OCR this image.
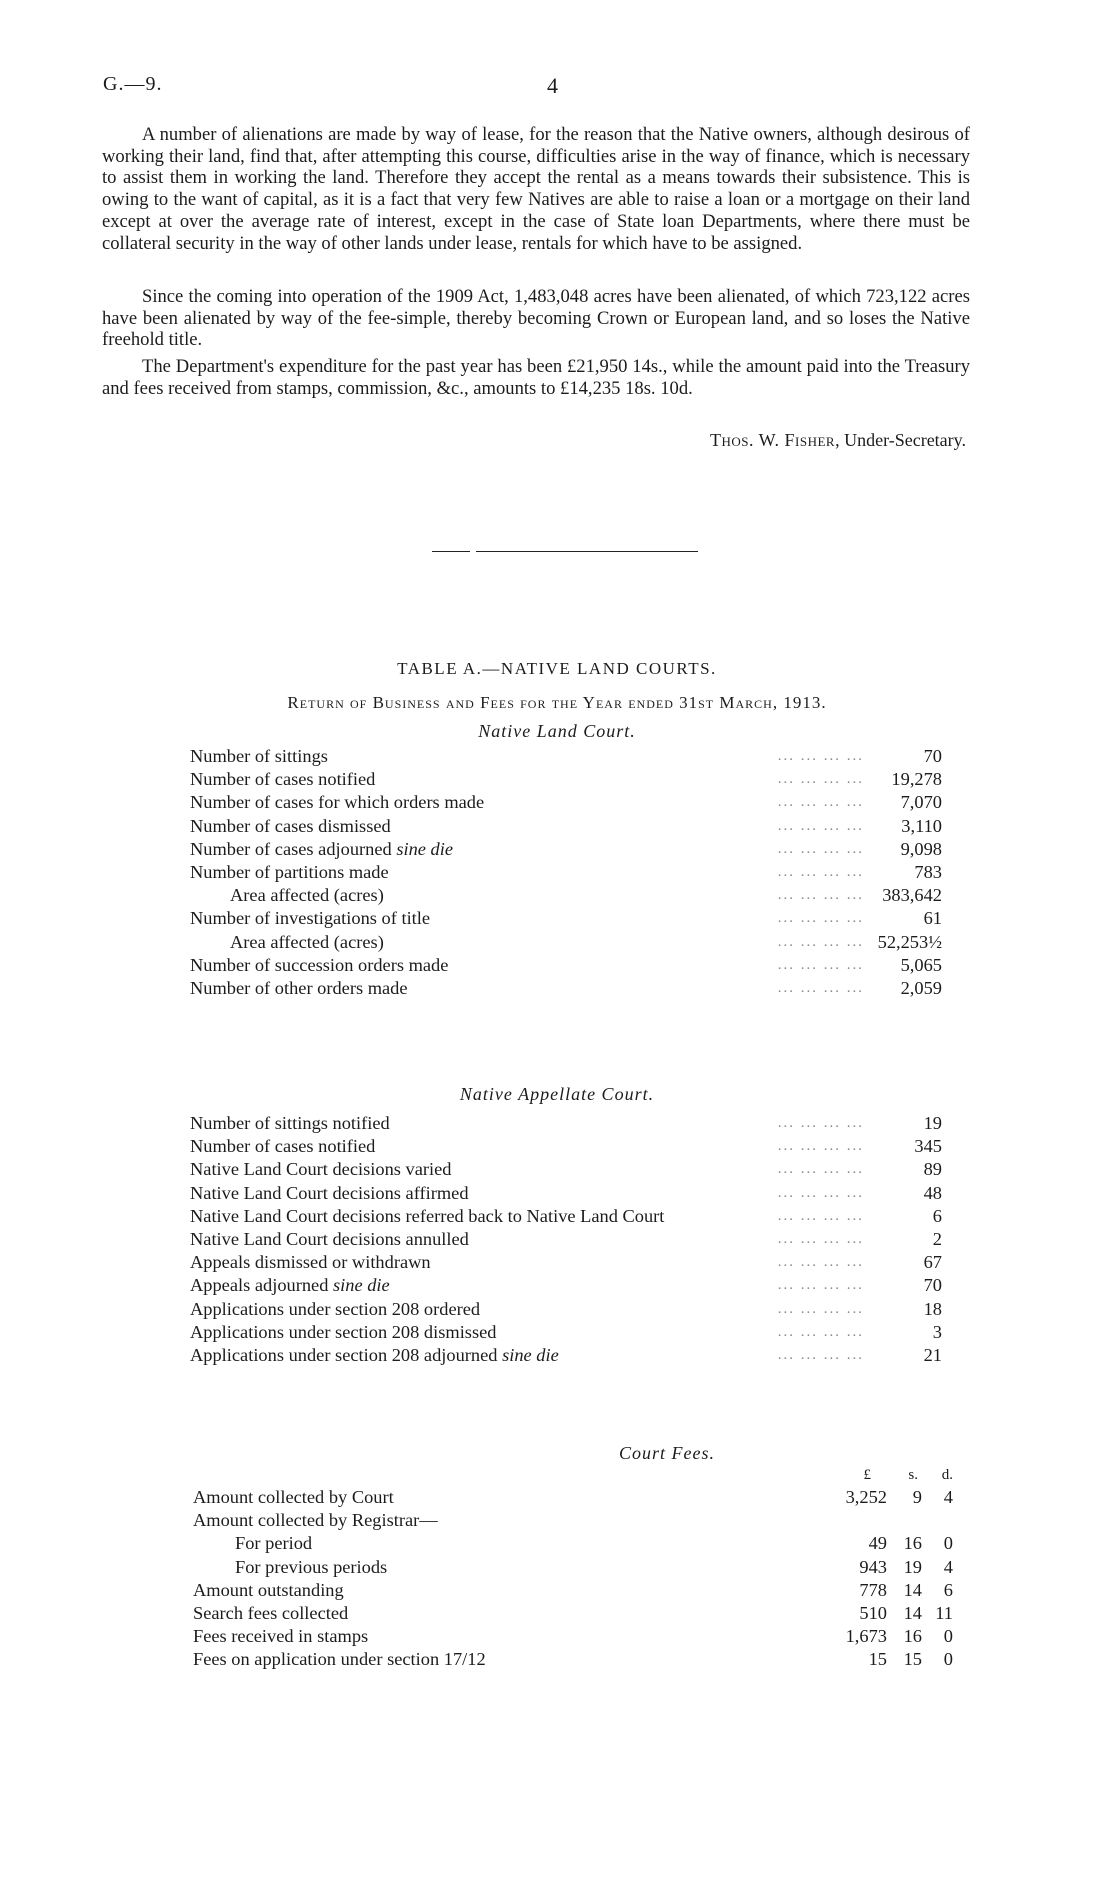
G.—9.	4

A number of alienations are made by way of lease, for the reason that the Native owners, although desirous of working their land, find that, after attempting this course, difficulties arise in the way of finance, which is necessary to assist them in working the land. Therefore they accept the rental as a means towards their subsistence. This is owing to the want of capital, as it is a fact that very few Natives are able to raise a loan or a mortgage on their land except at over the average rate of interest, except in the case of State loan Departments, where there must be collateral security in the way of other lands under lease, rentals for which have to be assigned.

Since the coming into operation of the 1909 Act, 1,483,048 acres have been alienated, of which 723,122 acres have been alienated by way of the fee-simple, thereby becoming Crown or European land, and so loses the Native freehold title.

The Department's expenditure for the past year has been £21,950 14s., while the amount paid into the Treasury and fees received from stamps, commission, &c., amounts to £14,235 18s. 10d.

Thos. W. Fisher, Under-Secretary.
TABLE A.—NATIVE LAND COURTS.
Return of Business and Fees for the Year ended 31st March, 1913.
Native Land Court.
Number of sittings	... ... ... ...	70
Number of cases notified	... ... ... ... 19,278
Number of cases for which orders made	... ... ... ... 7,070
Number of cases dismissed	... ... ... ... 3,110
Number of cases adjourned sine die	... ... ... ... 9,098
Number of partitions made	... ... ... ...	783
Area affected (acres)	... ... ... ... 383,642
Number of investigations of title	... ... ... ...	61
Area affected (acres)	... ... ... ... 52,253½
Number of succession orders made	... ... ... ... 5,065
Number of other orders made	... ... ... ... 2,059
Native Appellate Court.
Number of sittings notified	... ... ... ...	19
Number of cases notified	... ... ... ...	345
Native Land Court decisions varied	... ... ... ...	89
Native Land Court decisions affirmed	... ... ... ...	48
Native Land Court decisions referred back to Native Land Court	... ... ... ...	6
Native Land Court decisions annulled	... ... ... ...	2
Appeals dismissed or withdrawn	... ... ... ...	67
Appeals adjourned sine die	... ... ... ...	70
Applications under section 208 ordered	... ... ... ...	18
Applications under section 208 dismissed	... ... ... ...	3
Applications under section 208 adjourned sine die	... ... ... ...	21
Court Fees.
£ s. d.
Amount collected by Court	3,252 9 4
Amount collected by Registrar—
For period	49 16 0
For previous periods	943 19 4
Amount outstanding	778 14 6
Search fees collected	510 14 11
Fees received in stamps	1,673 16 0
Fees on application under section 17/12	15 15 0
